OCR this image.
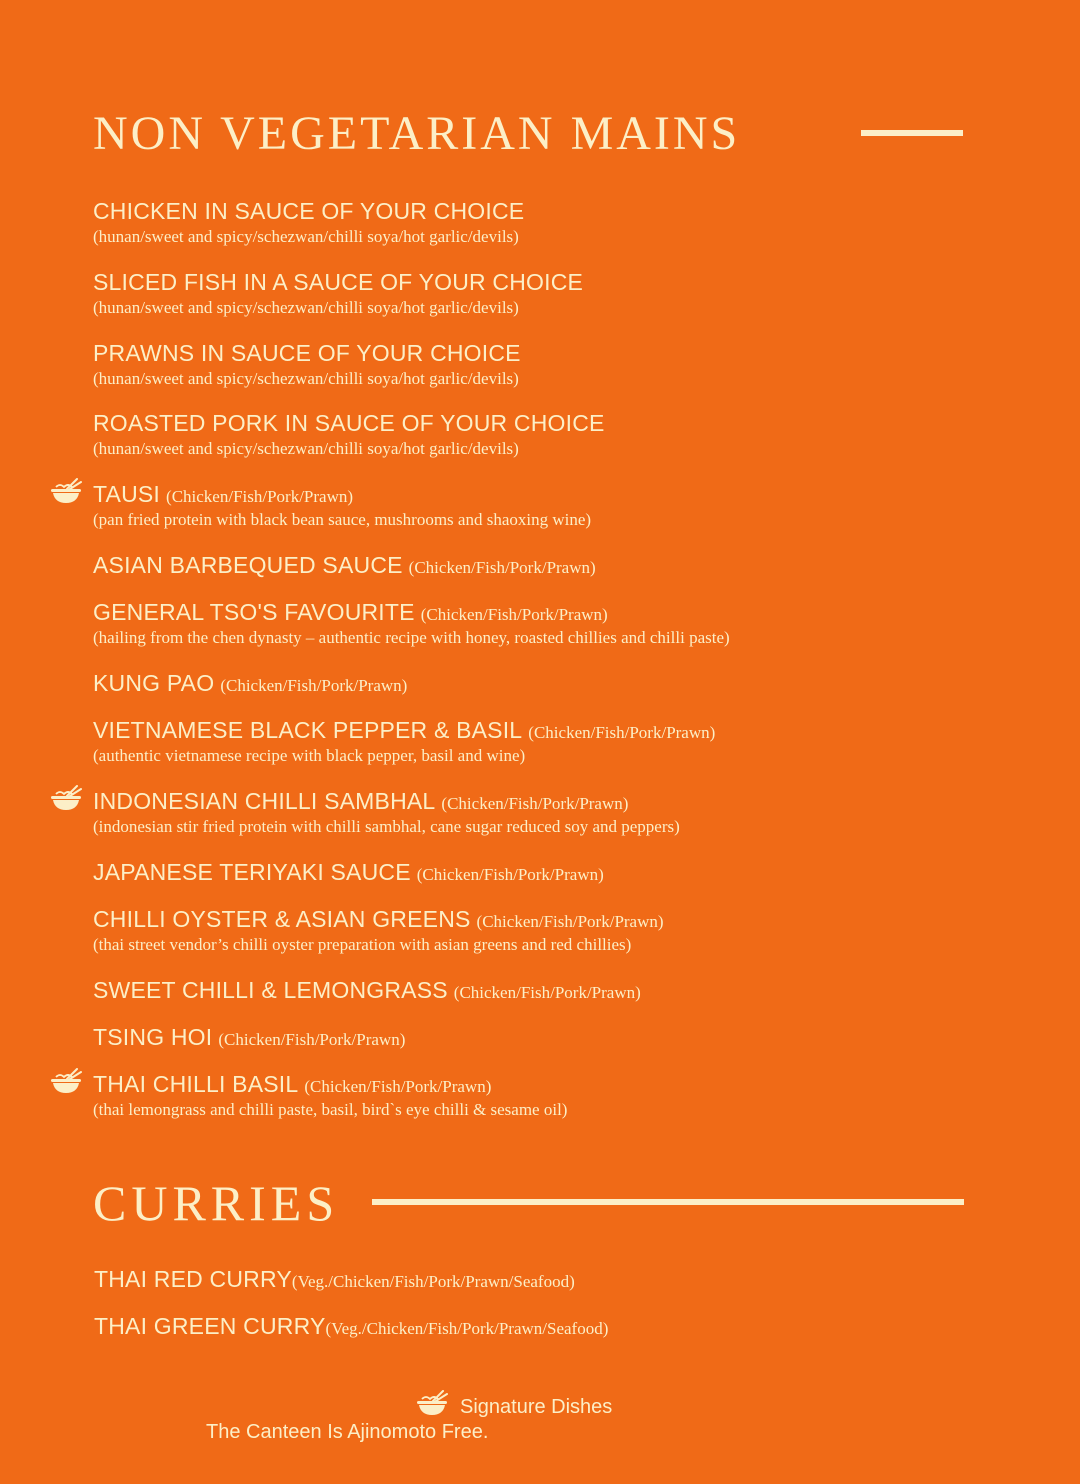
NON VEGETARIAN MAINS
CHICKEN IN SAUCE OF YOUR CHOICE
(hunan/sweet and spicy/schezwan/chilli soya/hot garlic/devils)
SLICED FISH IN A SAUCE OF YOUR CHOICE
(hunan/sweet and spicy/schezwan/chilli soya/hot garlic/devils)
PRAWNS IN SAUCE OF YOUR CHOICE
(hunan/sweet and spicy/schezwan/chilli soya/hot garlic/devils)
ROASTED PORK IN SAUCE OF YOUR CHOICE
(hunan/sweet and spicy/schezwan/chilli soya/hot garlic/devils)
TAUSI (Chicken/Fish/Pork/Prawn)
(pan fried protein with black bean sauce, mushrooms and shaoxing wine)
ASIAN BARBEQUED SAUCE (Chicken/Fish/Pork/Prawn)
GENERAL TSO'S FAVOURITE (Chicken/Fish/Pork/Prawn)
(hailing from the chen dynasty – authentic recipe with honey, roasted chillies and chilli paste)
KUNG PAO (Chicken/Fish/Pork/Prawn)
VIETNAMESE BLACK PEPPER & BASIL (Chicken/Fish/Pork/Prawn)
(authentic vietnamese recipe with black pepper, basil and wine)
INDONESIAN CHILLI SAMBHAL (Chicken/Fish/Pork/Prawn)
(indonesian stir fried protein with chilli sambhal, cane sugar reduced soy and peppers)
JAPANESE TERIYAKI SAUCE (Chicken/Fish/Pork/Prawn)
CHILLI OYSTER & ASIAN GREENS (Chicken/Fish/Pork/Prawn)
(thai street vendor’s chilli oyster preparation with asian greens and red chillies)
SWEET CHILLI & LEMONGRASS (Chicken/Fish/Pork/Prawn)
TSING HOI (Chicken/Fish/Pork/Prawn)
THAI CHILLI BASIL (Chicken/Fish/Pork/Prawn)
(thai lemongrass and chilli paste, basil, bird`s eye chilli & sesame oil)
CURRIES
THAI RED CURRY(Veg./Chicken/Fish/Pork/Prawn/Seafood)
THAI GREEN CURRY(Veg./Chicken/Fish/Pork/Prawn/Seafood)
Signature Dishes
The Canteen Is Ajinomoto Free.
